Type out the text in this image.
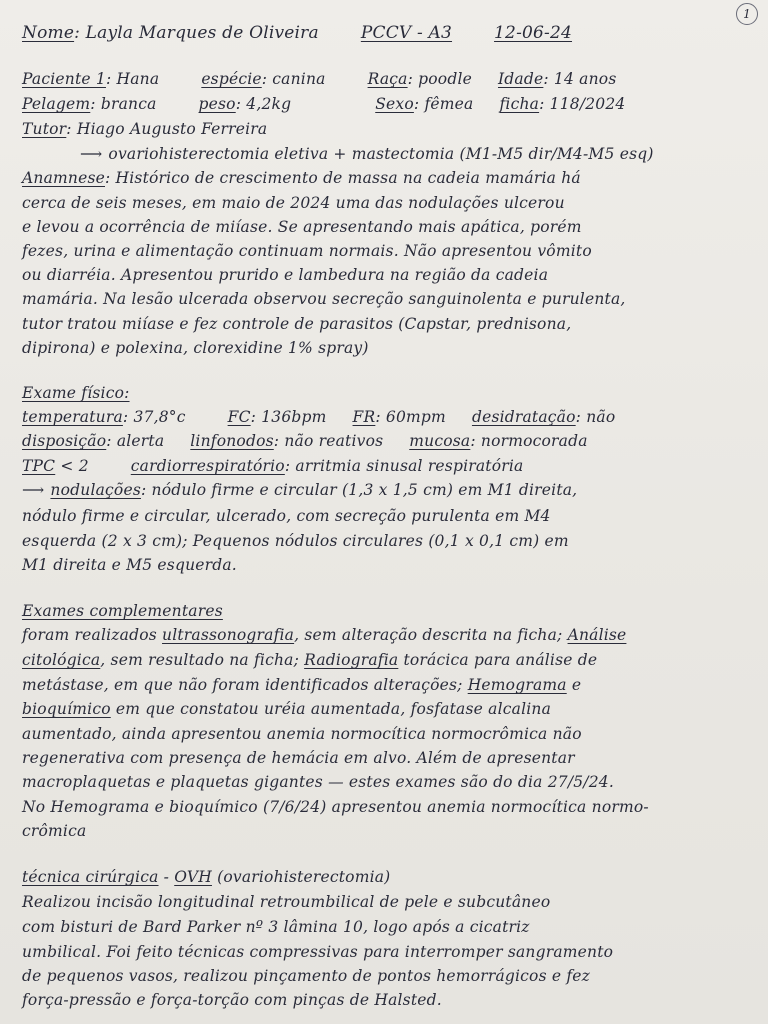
1
Nome: Layla Marques de Oliveira PCCV - A3 12-06-24
Paciente 1: Hana	espécie: canina	Raça: poodle Idade: 14 anos
Pelagem: branca	peso: 4,2kg	Sexo: fêmea ficha: 118/2024
Tutor: Hiago Augusto Ferreira
⟶ ovariohisterectomia eletiva + mastectomia (M1-M5 dir/M4-M5 esq)
Anamnese: Histórico de crescimento de massa na cadeia mamária há
cerca de seis meses, em maio de 2024 uma das nodulações ulcerou
e levou a ocorrência de miíase. Se apresentando mais apática, porém
fezes, urina e alimentação continuam normais. Não apresentou vômito
ou diarréia. Apresentou prurido e lambedura na região da cadeia
mamária. Na lesão ulcerada observou secreção sanguinolenta e purulenta,
tutor tratou miíase e fez controle de parasitos (Capstar, prednisona,
dipirona) e polexina, clorexidine 1% spray)
Exame físico:
temperatura: 37,8°c	FC: 136bpm FR: 60mpm desidratação: não
disposição: alerta linfonodos: não reativos mucosa: normocorada
TPC < 2	cardiorrespiratório: arritmia sinusal respiratória
⟶ nodulações: nódulo firme e circular (1,3 x 1,5 cm) em M1 direita,
nódulo firme e circular, ulcerado, com secreção purulenta em M4
esquerda (2 x 3 cm); Pequenos nódulos circulares (0,1 x 0,1 cm) em
M1 direita e M5 esquerda.
Exames complementares
foram realizados ultrassonografia, sem alteração descrita na ficha; Análise
citológica, sem resultado na ficha; Radiografia torácica para análise de
metástase, em que não foram identificados alterações; Hemograma e
bioquímico em que constatou uréia aumentada, fosfatase alcalina
aumentado, ainda apresentou anemia normocítica normocrômica não
regenerativa com presença de hemácia em alvo. Além de apresentar
macroplaquetas e plaquetas gigantes — estes exames são do dia 27/5/24.
No Hemograma e bioquímico (7/6/24) apresentou anemia normocítica normo-
crômica
técnica cirúrgica - OVH (ovariohisterectomia)
Realizou incisão longitudinal retroumbilical de pele e subcutâneo
com bisturi de Bard Parker nº 3 lâmina 10, logo após a cicatriz
umbilical. Foi feito técnicas compressivas para interromper sangramento
de pequenos vasos, realizou pinçamento de pontos hemorrágicos e fez
força-pressão e força-torção com pinças de Halsted.
